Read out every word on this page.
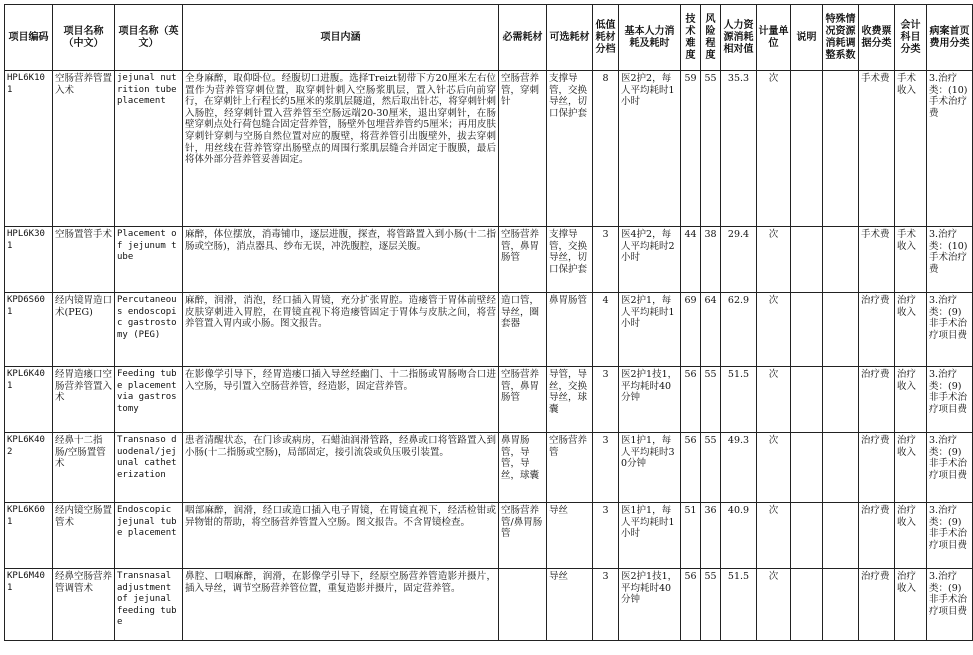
项目编码	项目名称（中文）	项目名称（英文）	项目内涵	必需耗材	可选耗材	低值耗材分档	基本人力消耗及耗时	技术难度	风险程度	人力资源消耗相对值	计量单位	说明	特殊情况资源消耗调整系数	收费票据分类	会计科目分类	病案首页费用分类
HPL6K101	空肠营养管置入术	jejunal nutrition tube placement	全身麻醉，取仰卧位。经腹切口进腹。选择Treizt韧带下方20厘米左右位置作为营养管穿刺位置，取穿刺针刺入空肠浆肌层，置入针芯后向前穿行，在穿刺针上行程长约5厘米的浆肌层隧道，然后取出针芯，将穿刺针刺入肠腔，经穿刺针置入营养管至空肠远端20-30厘米，退出穿刺针，在肠壁穿刺点处行荷包缝合固定营养管，肠壁外包埋营养管约5厘米；再用皮肤穿刺针穿刺与空肠自然位置对应的腹壁，将营养管引出腹壁外，拔去穿刺针，用丝线在营养管穿出肠壁点的周围行浆肌层缝合并固定于腹膜，最后将体外部分营养管妥善固定。	空肠营养管，穿刺针	支撑导管，交换导丝，切口保护套	8	医2护2，每人平均耗时1小时	59	55	35.3	次			手术费	手术收入	3.治疗类：(10)手术治疗费
HPL6K301	空肠置管手术	Placement of jejunum tube	麻醉，体位摆放，消毒铺巾，逐层进腹，探查，将管路置入到小肠(十二指肠或空肠)，消点器具、纱布无误，冲洗腹腔，逐层关腹。	空肠营养管，鼻胃肠管	支撑导管，交换导丝，切口保护套	3	医4护2，每人平均耗时2小时	44	38	29.4	次			手术费	手术收入	3.治疗类：(10)手术治疗费
KPD6S601	经内镜胃造口术(PEG)	Percutaneous endoscopic gastrostomy (PEG)	麻醉，润滑，消泡，经口插入胃镜，充分扩张胃腔。造瘘管于胃体前壁经皮肤穿刺进入胃腔，在胃镜直视下将造瘘管固定于胃体与皮肤之间，将营养管置入胃内或小肠。图文报告。	造口管，导丝，圈套器	鼻胃肠管	4	医2护1，每人平均耗时1小时	69	64	62.9	次			治疗费	治疗收入	3.治疗类：(9)非手术治疗项目费
KPL6K401	经胃造瘘口空肠营养管置入术	Feeding tube placement via gastrostomy	在影像学引导下，经胃造瘘口插入导丝经幽门、十二指肠或胃肠吻合口进入空肠，导引置入空肠营养管，经造影，固定营养管。	空肠营养管，鼻胃肠管	导管，导丝，交换导丝，球囊	3	医2护1技1，平均耗时40分钟	56	55	51.5	次			治疗费	治疗收入	3.治疗类：(9)非手术治疗项目费
KPL6K402	经鼻十二指肠/空肠置管术	Transnaso duodenal/jejunal catheterization	患者清醒状态，在门诊或病房，石蜡油润滑管路，经鼻或口将管路置入到小肠(十二指肠或空肠)，局部固定，接引流袋或负压吸引装置。	鼻胃肠管，导管，导丝，球囊	空肠营养管	3	医1护1，每人平均耗时30分钟	56	55	49.3	次			治疗费	治疗收入	3.治疗类：(9)非手术治疗项目费
KPL6K601	经内镜空肠置管术	Endoscopic jejunal tube placement	咽部麻醉，润滑，经口或造口插入电子胃镜，在胃镜直视下，经活检钳或异物钳的帮助，将空肠营养管置入空肠。图文报告。不含胃镜检查。	空肠营养管/鼻胃肠管	导丝	3	医1护1，每人平均耗时1小时	51	36	40.9	次			治疗费	治疗收入	3.治疗类：(9)非手术治疗项目费
KPL6M401	经鼻空肠营养管调管术	Transnasal adjustment of jejunal feeding tube	鼻腔、口咽麻醉，润滑，在影像学引导下，经原空肠营养管造影并摄片，插入导丝，调节空肠营养管位置，重复造影并摄片，固定营养管。		导丝	3	医2护1技1，平均耗时40分钟	56	55	51.5	次			治疗费	治疗收入	3.治疗类：(9)非手术治疗项目费
